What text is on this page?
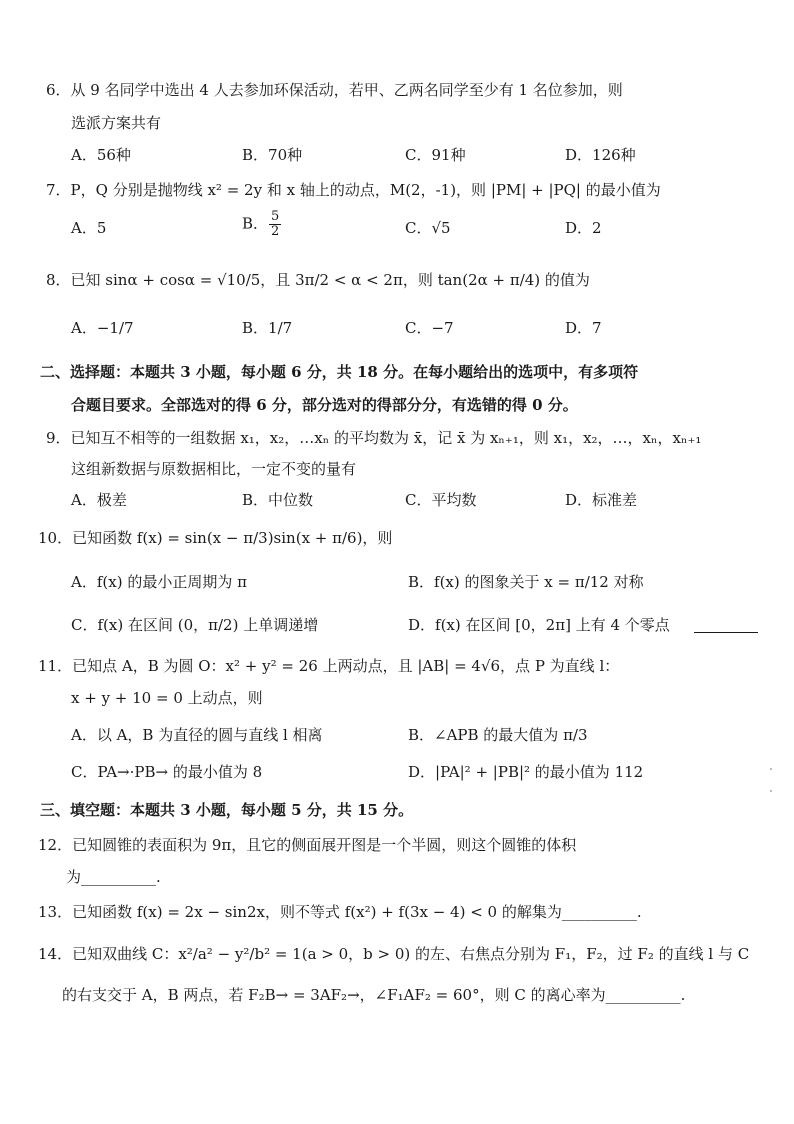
6．从 9 名同学中选出 4 人去参加环保活动，若甲、乙两名同学至少有 1 名位参加，则
选派方案共有
A．56种	B．70种	C．91种	D．126种
7．P，Q 分别是抛物线 x² = 2y 和 x 轴上的动点，M(2，-1)，则 |PM| + |PQ| 的最小值为
A．5	B． $\frac{5}{2}$	C．√5	D．2
8．已知 sinα + cosα = √10/5，且 3π/2 < α < 2π，则 tan(2α + π/4) 的值为
A．−1/7	B．1/7	C．−7	D．7
二、选择题：本题共 3 小题，每小题 6 分，共 18 分。在每小题给出的选项中，有多项符
合题目要求。全部选对的得 6 分，部分选对的得部分分，有选错的得 0 分。
9．已知互不相等的一组数据 x₁，x₂，…xₙ 的平均数为 x̄，记 x̄ 为 xₙ₊₁，则 x₁，x₂，…，xₙ，xₙ₊₁
这组新数据与原数据相比，一定不变的量有
A．极差	B．中位数	C．平均数	D．标准差
10．已知函数 f(x) = sin(x − π/3)sin(x + π/6)，则
A．f(x) 的最小正周期为 π	B．f(x) 的图象关于 x = π/12 对称
C．f(x) 在区间 (0，π/2) 上单调递增	D．f(x) 在区间 [0，2π] 上有 4 个零点
11．已知点 A，B 为圆 O：x² + y² = 26 上两动点，且 |AB| = 4√6，点 P 为直线 l：
x + y + 10 = 0 上动点，则
A．以 A，B 为直径的圆与直线 l 相离	B．∠APB 的最大值为 π/3
C．PA→·PB→ 的最小值为 8	D．|PA|² + |PB|² 的最小值为 112
三、填空题：本题共 3 小题，每小题 5 分，共 15 分。
12．已知圆锥的表面积为 9π，且它的侧面展开图是一个半圆，则这个圆锥的体积
为__________.
13．已知函数 f(x) = 2x − sin2x，则不等式 f(x²) + f(3x − 4) < 0 的解集为__________.
14．已知双曲线 C：x²/a² − y²/b² = 1(a > 0，b > 0) 的左、右焦点分别为 F₁，F₂，过 F₂ 的直线 l 与 C
的右支交于 A，B 两点，若 F₂B→ = 3AF₂→，∠F₁AF₂ = 60°，则 C 的离心率为__________.
